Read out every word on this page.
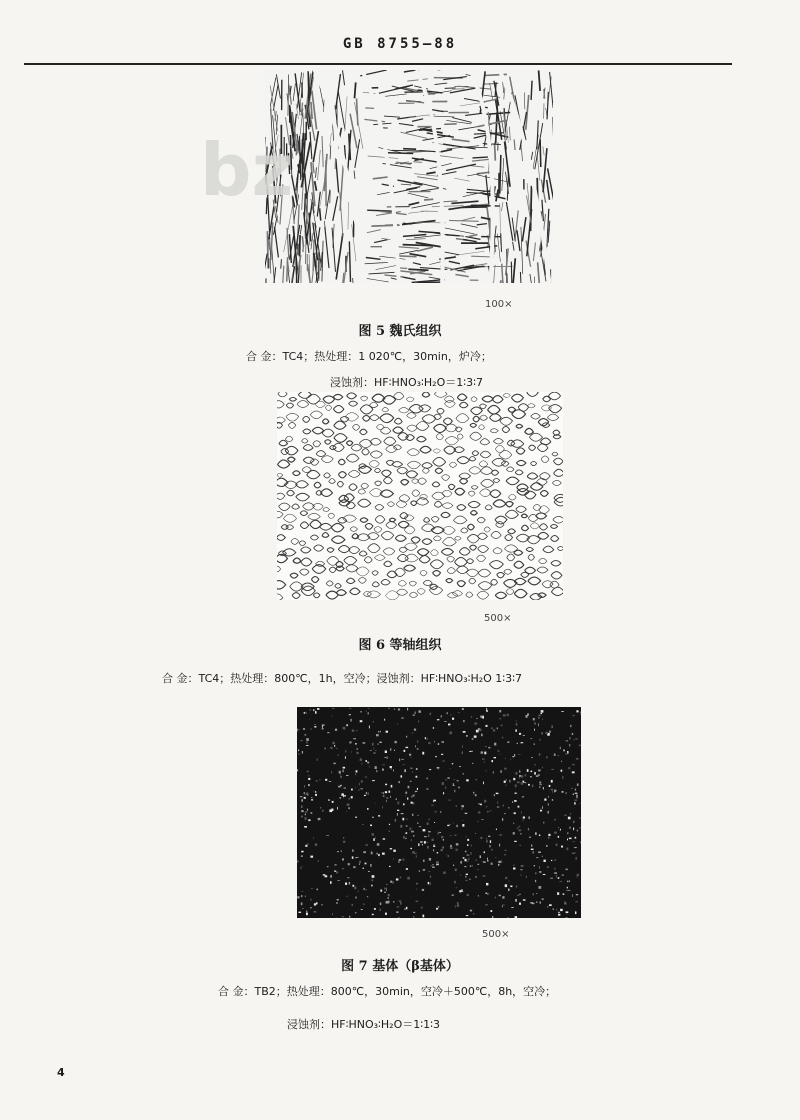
GB 8755—88
bz
100×
图 5 魏氏组织
合 金：TC4；热处理：1 020℃，30min，炉冷；
浸蚀剂：HF∶HNO₃∶H₂O＝1∶3∶7
500×
图 6 等轴组织
合 金：TC4；热处理：800℃，1h，空冷；浸蚀剂：HF∶HNO₃∶H₂O 1∶3∶7
500×
图 7 基体（β基体）
合 金：TB2；热处理：800℃，30min，空冷＋500℃，8h，空冷；
浸蚀剂：HF∶HNO₃∶H₂O＝1∶1∶3
4
